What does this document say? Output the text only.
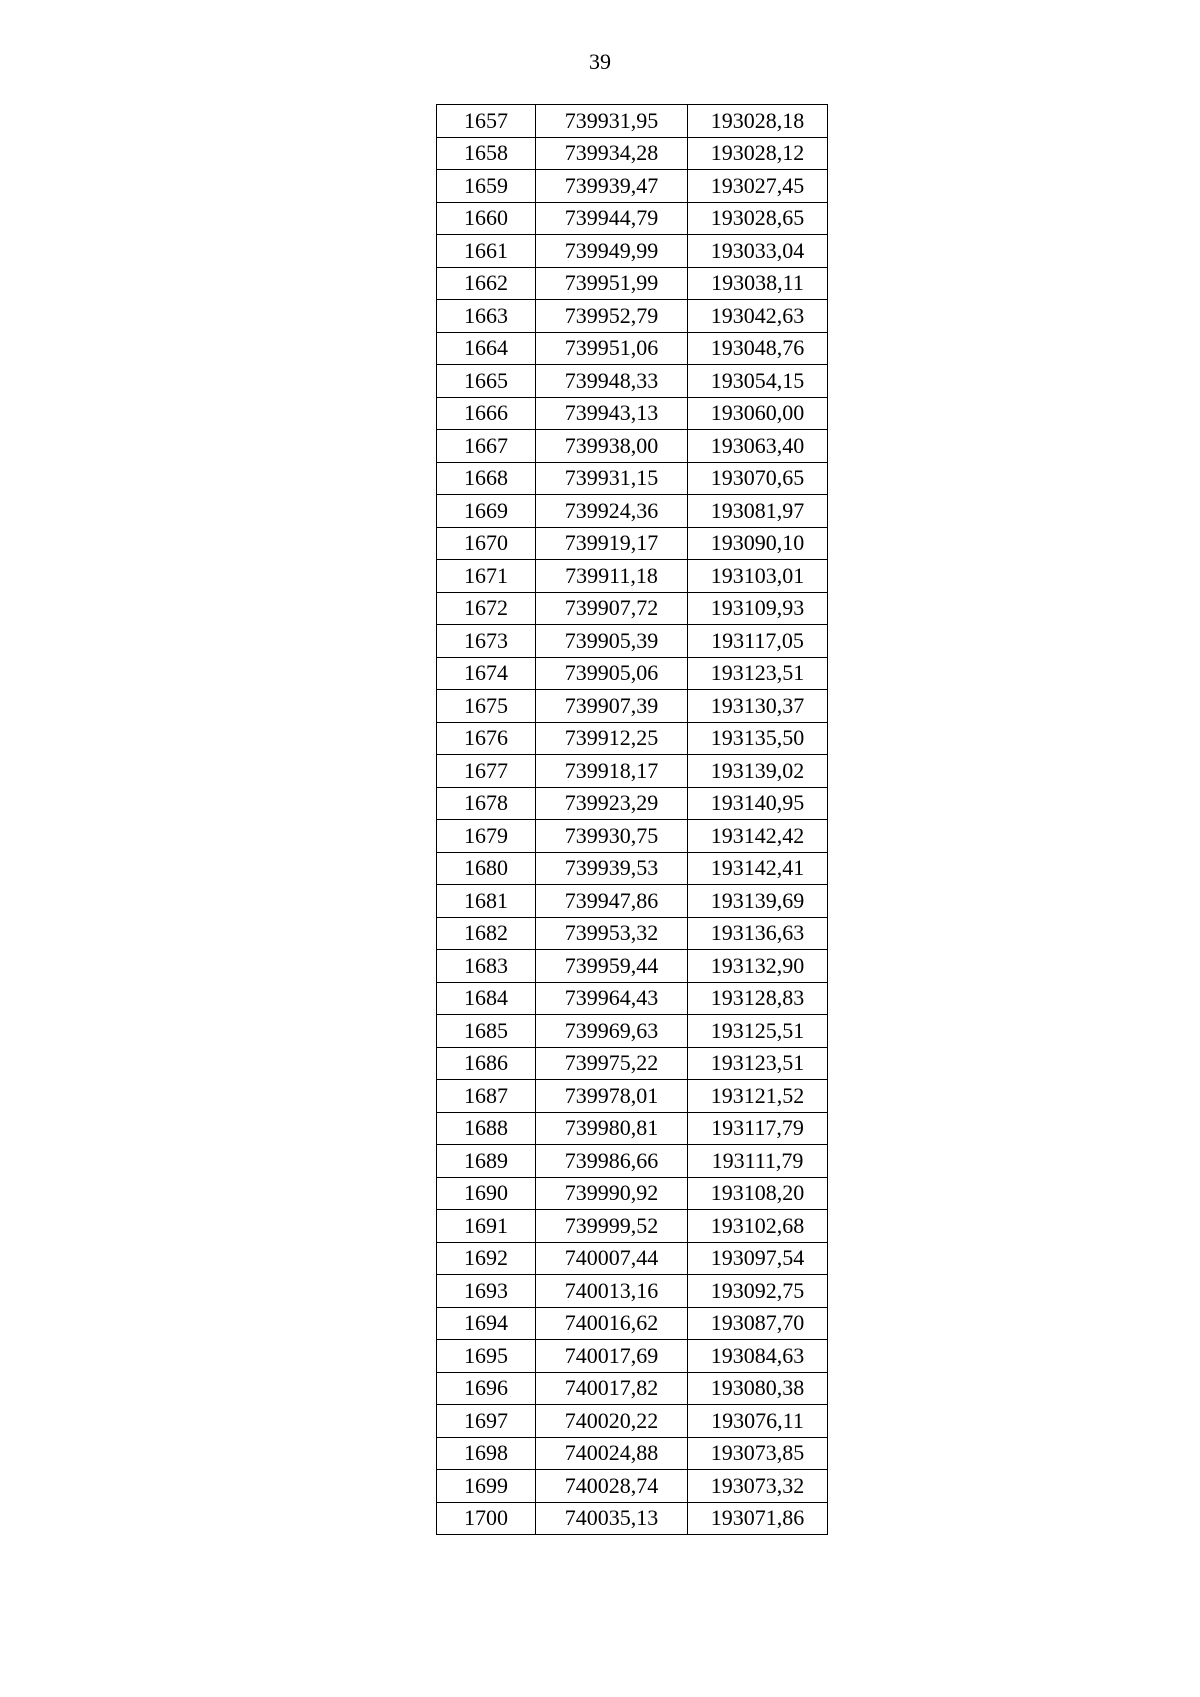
39
1657	739931,95	193028,18
1658	739934,28	193028,12
1659	739939,47	193027,45
1660	739944,79	193028,65
1661	739949,99	193033,04
1662	739951,99	193038,11
1663	739952,79	193042,63
1664	739951,06	193048,76
1665	739948,33	193054,15
1666	739943,13	193060,00
1667	739938,00	193063,40
1668	739931,15	193070,65
1669	739924,36	193081,97
1670	739919,17	193090,10
1671	739911,18	193103,01
1672	739907,72	193109,93
1673	739905,39	193117,05
1674	739905,06	193123,51
1675	739907,39	193130,37
1676	739912,25	193135,50
1677	739918,17	193139,02
1678	739923,29	193140,95
1679	739930,75	193142,42
1680	739939,53	193142,41
1681	739947,86	193139,69
1682	739953,32	193136,63
1683	739959,44	193132,90
1684	739964,43	193128,83
1685	739969,63	193125,51
1686	739975,22	193123,51
1687	739978,01	193121,52
1688	739980,81	193117,79
1689	739986,66	193111,79
1690	739990,92	193108,20
1691	739999,52	193102,68
1692	740007,44	193097,54
1693	740013,16	193092,75
1694	740016,62	193087,70
1695	740017,69	193084,63
1696	740017,82	193080,38
1697	740020,22	193076,11
1698	740024,88	193073,85
1699	740028,74	193073,32
1700	740035,13	193071,86
